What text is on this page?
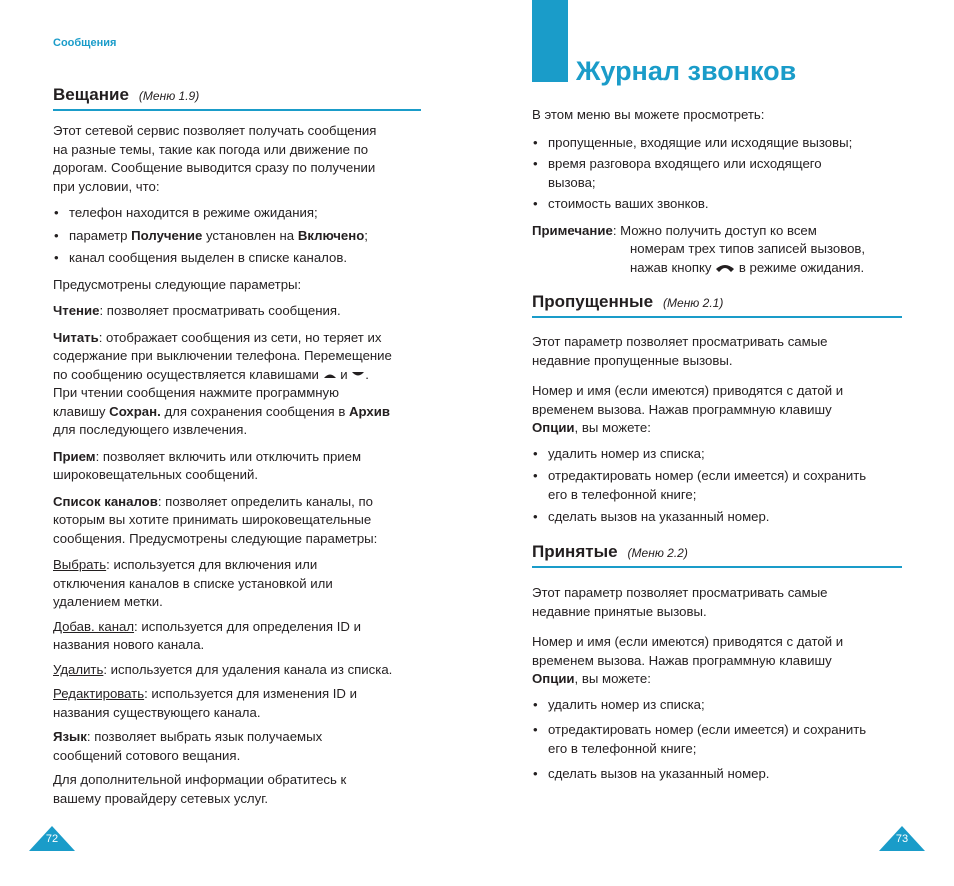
Сообщения
Вещание (Меню 1.9)

Этот сетевой сервис позволяет получать сообщения
на разные темы, такие как погода или движение по
дорогам. Сообщение выводится сразу по получении
при условии, что:

• телефон находится в режиме ожидания;
• параметр Получение установлен на Включено;
• канал сообщения выделен в списке каналов.

Предусмотрены следующие параметры:

Чтение: позволяет просматривать сообщения.

Читать: отображает сообщения из сети, но теряет их
содержание при выключении телефона. Перемещение
по сообщению осуществляется клавишами  и .
При чтении сообщения нажмите программную
клавишу Сохран. для сохранения сообщения в Архив
для последующего извлечения.

Прием: позволяет включить или отключить прием
широковещательных сообщений.

Список каналов: позволяет определить каналы, по
которым вы хотите принимать широковещательные
сообщения. Предусмотрены следующие параметры:

Выбрать: используется для включения или
отключения каналов в списке установкой или
удалением метки.

Добав. канал: используется для определения ID и
названия нового канала.

Удалить: используется для удаления канала из списка.

Редактировать: используется для изменения ID и
названия существующего канала.

Язык: позволяет выбрать язык получаемых
сообщений сотового вещания.

Для дополнительной информации обратитесь к
вашему провайдеру сетевых услуг.

72
Журнал звонков

В этом меню вы можете просмотреть:

• пропущенные, входящие или исходящие вызовы;
• время разговора входящего или исходящего
вызова;
• стоимость ваших звонков.
Примечание: Можно получить доступ ко всем
номерам трех типов записей вызовов,
нажав кнопку  в режиме ожидания.
Пропущенные (Меню 2.1)

Этот параметр позволяет просматривать самые
недавние пропущенные вызовы.

Номер и имя (если имеются) приводятся с датой и
временем вызова. Нажав программную клавишу
Опции, вы можете:

• удалить номер из списка;
• отредактировать номер (если имеется) и сохранить
его в телефонной книге;
• сделать вызов на указанный номер.
Принятые (Меню 2.2)

Этот параметр позволяет просматривать самые
недавние принятые вызовы.

Номер и имя (если имеются) приводятся с датой и
временем вызова. Нажав программную клавишу
Опции, вы можете:

• удалить номер из списка;
• отредактировать номер (если имеется) и сохранить
его в телефонной книге;
• сделать вызов на указанный номер.
73
